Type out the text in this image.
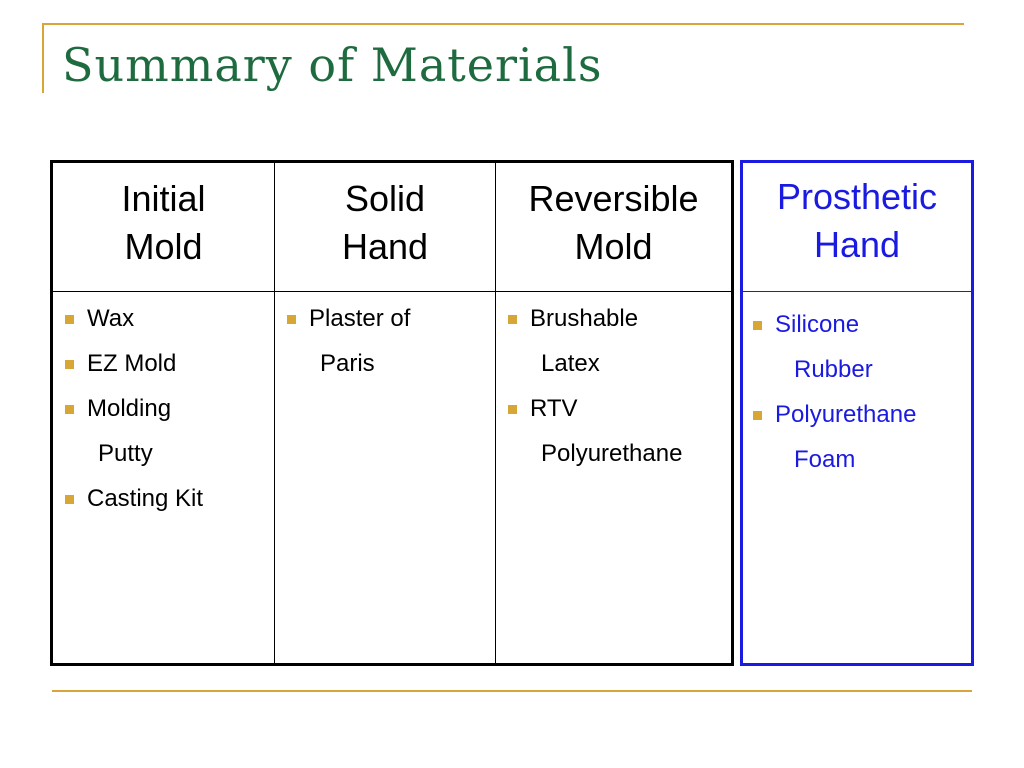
Summary of Materials
Initial
Mold
Solid
Hand
Reversible
Mold
Wax
EZ Mold
Molding
Putty
Casting Kit
Plaster of
Paris
Brushable
Latex
RTV
Polyurethane
Prosthetic
Hand
Silicone
Rubber
Polyurethane
Foam
